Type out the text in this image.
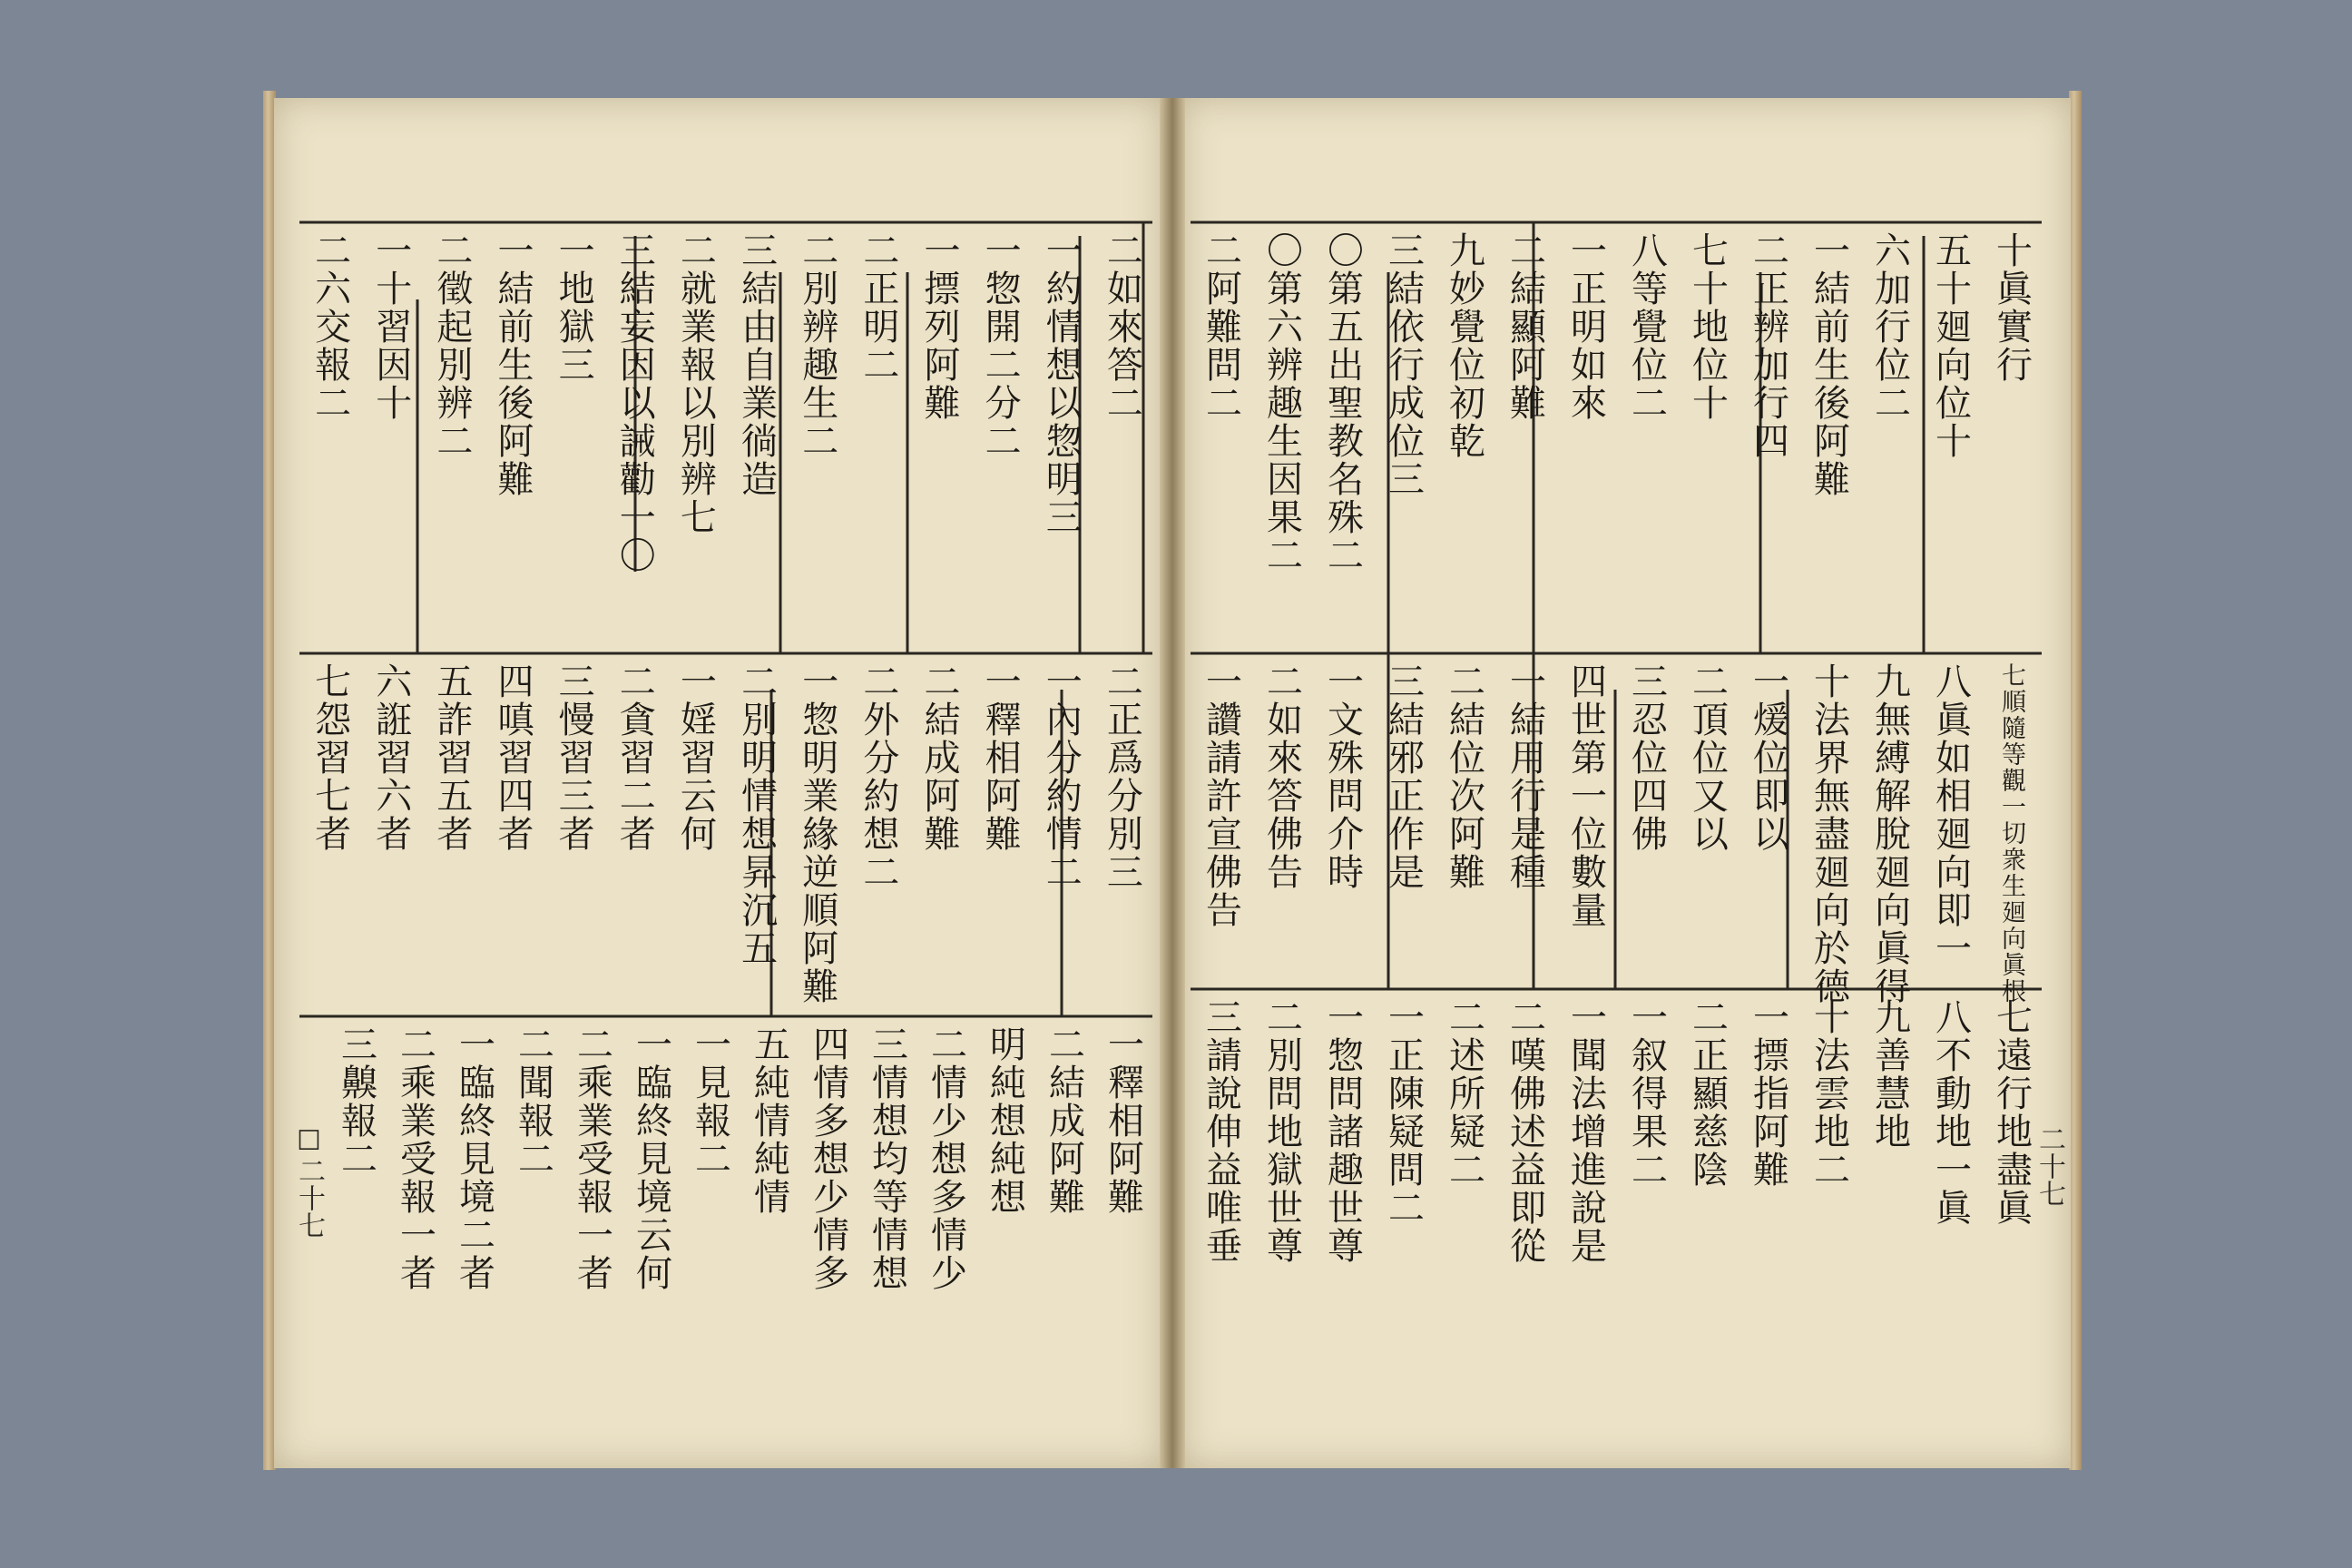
二如來答二
一約情想以惣明三
一惣開二分二
一摽列阿難
二正明二
二別辨趣生二
三結由自業徜造
二就業報以別辨七
三結妄因以誡勸一〇
一地獄三
一結前生後阿難
二徵起別辨二
一十習因十
二六交報二
二正爲分別三
一內分約情二
一釋相阿難
二結成阿難
二外分約想二
一惣明業緣逆順阿難
二別明情想昇沉五
一婬習云何
二貪習二者
三慢習三者
四嗔習四者
五詐習五者
六誑習六者
七怨習七者
一釋相阿難
二結成阿難
明純想純想
二情少想多情少
三情想均等情想
四情多想少情多
五純情純情
一見報二
一臨終見境云何
二乘業受報一者
二聞報二
一臨終見境二者
二乘業受報一者
三齅報二
十眞實行
五十廻向位十
六加行位二
一結前生後阿難
二正辨加行四
七十地位十
八等覺位二
一正明如來
二結顯阿難
九妙覺位初乾
三結依行成位三
〇第五出聖教名殊二
〇第六辨趣生因果二
二阿難問二
七順隨等觀一切衆生廻向眞根
八眞如相廻向即一
九無縛解脫廻向眞得
十法界無盡廻向於德
一煖位即以
二頂位又以
三忍位四佛
四世第一位數量
一結用行是種
二結位次阿難
三結邪正作是
一文殊問介時
二如來答佛告
一讚請許宣佛告
七遠行地盡眞
八不動地一眞
九善慧地
十法雲地二
一摽指阿難
二正顯慈陰
一叙得果二
一聞法增進說是
二嘆佛述益即從
二述所疑二
一正陳疑問二
一惣問諸趣世尊
二別問地獄世尊
三請說伸益唯垂
☐二十七	二十七
